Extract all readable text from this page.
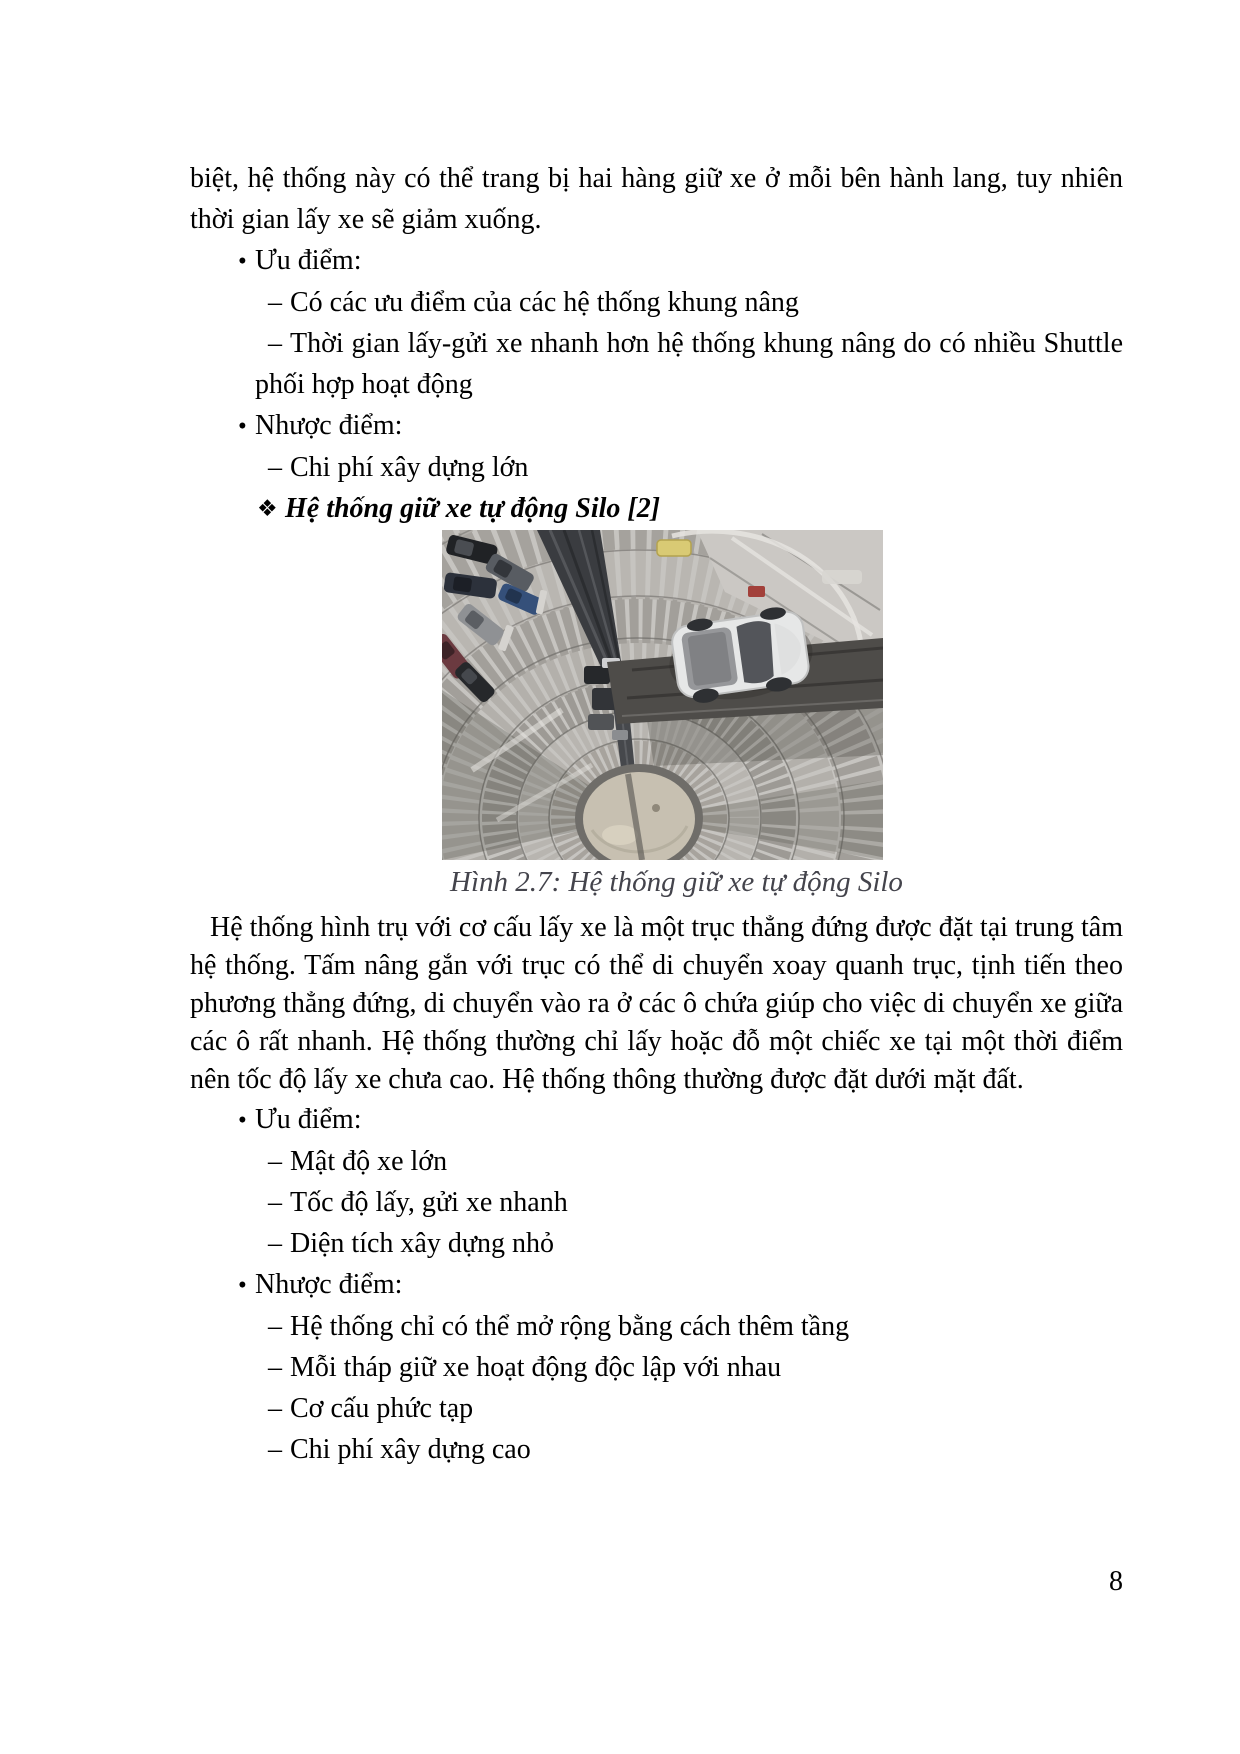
biệt, hệ thống này có thể trang bị hai hàng giữ xe ở mỗi bên hành lang, tuy nhiên thời gian lấy xe sẽ giảm xuống.

• Ưu điểm:
– Có các ưu điểm của các hệ thống khung nâng
– Thời gian lấy-gửi xe nhanh hơn hệ thống khung nâng do có nhiều Shuttle phối hợp hoạt động
• Nhược điểm:
– Chi phí xây dựng lớn
❖ Hệ thống giữ xe tự động Silo [2]
Hình 2.7: Hệ thống giữ xe tự động Silo

Hệ thống hình trụ với cơ cấu lấy xe là một trục thẳng đứng được đặt tại trung tâm hệ thống. Tấm nâng gắn với trục có thể di chuyển xoay quanh trục, tịnh tiến theo phương thẳng đứng, di chuyển vào ra ở các ô chứa giúp cho việc di chuyển xe giữa các ô rất nhanh. Hệ thống thường chỉ lấy hoặc đỗ một chiếc xe tại một thời điểm nên tốc độ lấy xe chưa cao. Hệ thống thông thường được đặt dưới mặt đất.

• Ưu điểm:
– Mật độ xe lớn
– Tốc độ lấy, gửi xe nhanh
– Diện tích xây dựng nhỏ
• Nhược điểm:
– Hệ thống chỉ có thể mở rộng bằng cách thêm tầng
– Mỗi tháp giữ xe hoạt động độc lập với nhau
– Cơ cấu phức tạp
– Chi phí xây dựng cao
8
